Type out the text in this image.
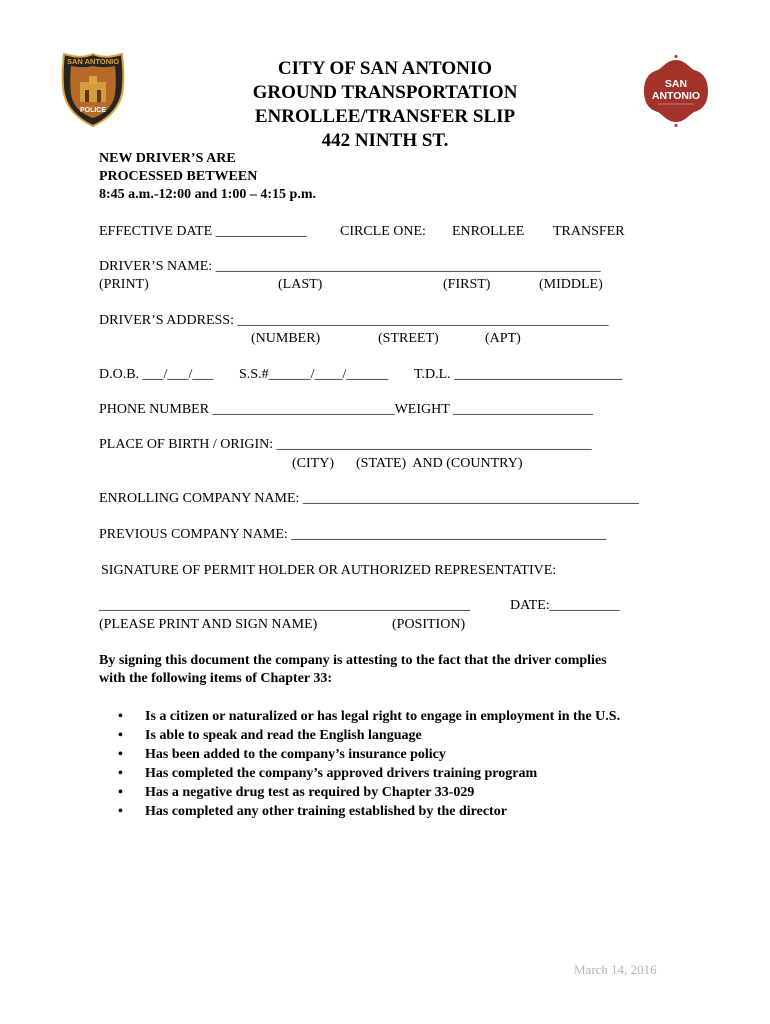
SAN ANTONIO
POLICE
SAN
ANTONIO
CITY OF SAN ANTONIO
GROUND TRANSPORTATION
ENROLLEE/TRANSFER SLIP
442 NINTH ST.
NEW DRIVER’S ARE
PROCESSED BETWEEN
8:45 a.m.-12:00 and 1:00 – 4:15 p.m.
EFFECTIVE DATE _____________ CIRCLE ONE: ENROLLEE TRANSFER
DRIVER’S NAME: _______________________________________________________
(PRINT)	(LAST)	(FIRST)	(MIDDLE)
DRIVER’S ADDRESS: _____________________________________________________
(NUMBER)	(STREET)	(APT)
D.O.B. ___/___/___ S.S.#______/____/______ T.D.L. ________________________
PHONE NUMBER __________________________WEIGHT ____________________
PLACE OF BIRTH / ORIGIN: _____________________________________________
(CITY) (STATE)  AND (COUNTRY)
ENROLLING COMPANY NAME: ________________________________________________
PREVIOUS COMPANY NAME: _____________________________________________
SIGNATURE OF PERMIT HOLDER OR AUTHORIZED REPRESENTATIVE:
_____________________________________________________	DATE:__________
(PLEASE PRINT AND SIGN NAME)	(POSITION)
By signing this document the company is attesting to the fact that the driver complies
with the following items of Chapter 33:
• Is a citizen or naturalized or has legal right to engage in employment in the U.S.
• Is able to speak and read the English language
• Has been added to the company’s insurance policy
• Has completed the company’s approved drivers training program
• Has a negative drug test as required by Chapter 33-029
• Has completed any other training established by the director
March 14, 2016
